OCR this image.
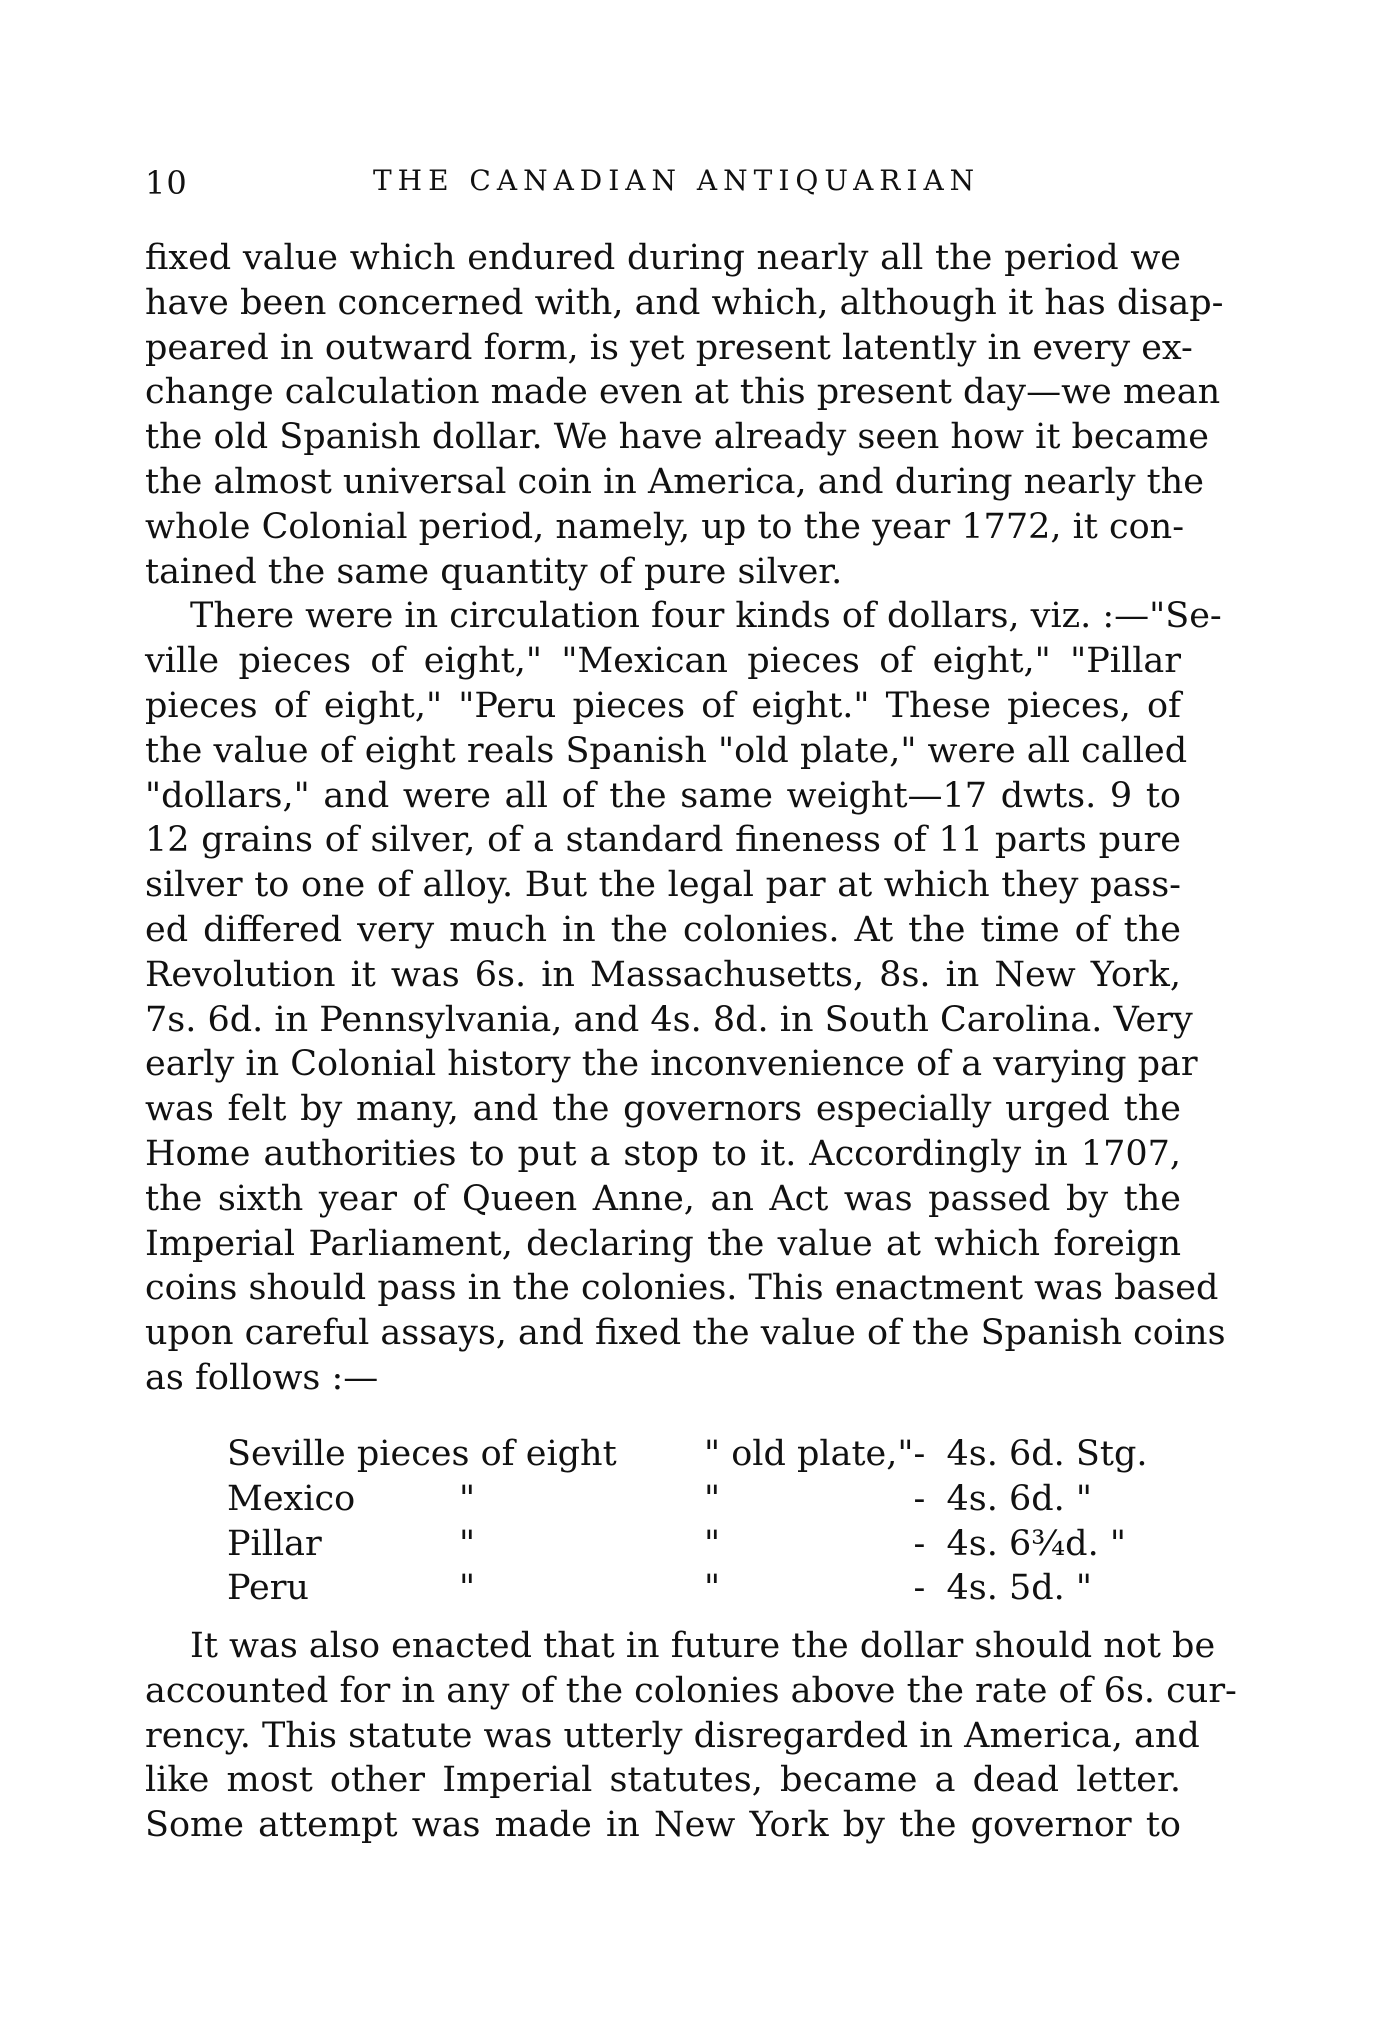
10	THE CANADIAN ANTIQUARIAN
fixed value which endured during nearly all the period we
have been concerned with, and which, although it has disap-
peared in outward form, is yet present latently in every ex-
change calculation made even at this present day—we mean
the old Spanish dollar. We have already seen how it became
the almost universal coin in America, and during nearly the
whole Colonial period, namely, up to the year 1772, it con-
tained the same quantity of pure silver.
There were in circulation four kinds of dollars, viz. :—"Se-
ville pieces of eight," "Mexican pieces of eight," "Pillar
pieces of eight," "Peru pieces of eight." These pieces, of
the value of eight reals Spanish "old plate," were all called
"dollars," and were all of the same weight—17 dwts. 9 to
12 grains of silver, of a standard fineness of 11 parts pure
silver to one of alloy. But the legal par at which they pass-
ed differed very much in the colonies. At the time of the
Revolution it was 6s. in Massachusetts, 8s. in New York,
7s. 6d. in Pennsylvania, and 4s. 8d. in South Carolina. Very
early in Colonial history the inconvenience of a varying par
was felt by many, and the governors especially urged the
Home authorities to put a stop to it. Accordingly in 1707,
the sixth year of Queen Anne, an Act was passed by the
Imperial Parliament, declaring the value at which foreign
coins should pass in the colonies. This enactment was based
upon careful assays, and fixed the value of the Spanish coins
as follows :—
Seville pieces of eight		" old plate,"	-	4s. 6d. Stg.
Mexico	"	"	-	4s. 6d. "
Pillar	"	"	-	4s. 6¾d. "
Peru	"	"	-	4s. 5d. "
It was also enacted that in future the dollar should not be
accounted for in any of the colonies above the rate of 6s. cur-
rency. This statute was utterly disregarded in America, and
like most other Imperial statutes, became a dead letter.
Some attempt was made in New York by the governor to
